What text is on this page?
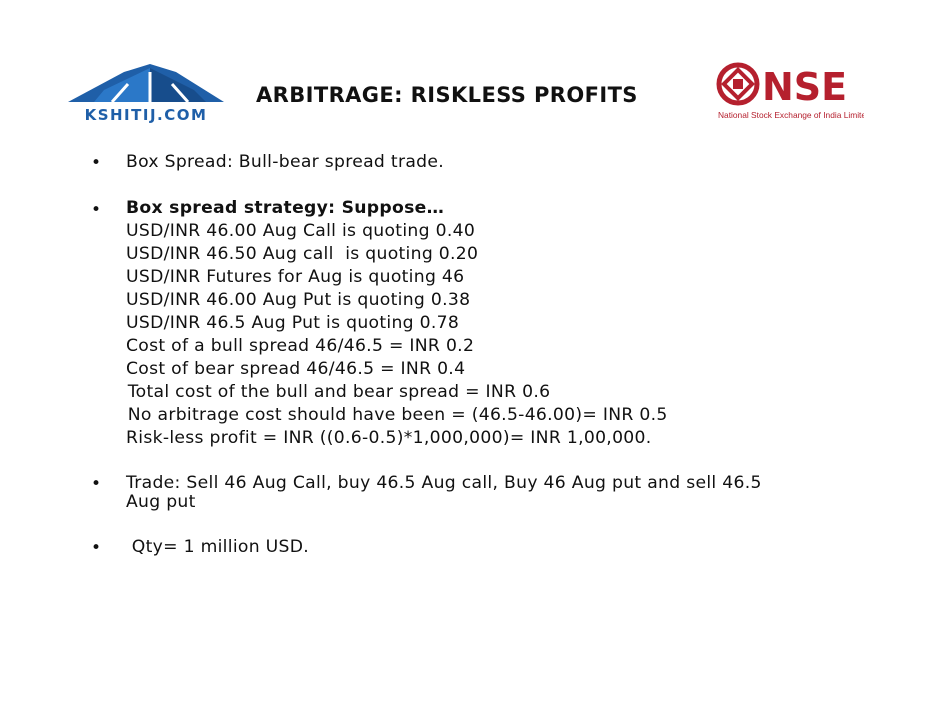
KSHITIJ.COM
ARBITRAGE: RISKLESS PROFITS	NSE
National Stock Exchange of India Limited
• Box Spread: Bull-bear spread trade.
• Box spread strategy: Suppose…
USD/INR 46.00 Aug Call is quoting 0.40
USD/INR 46.50 Aug call  is quoting 0.20
USD/INR Futures for Aug is quoting 46
USD/INR 46.00 Aug Put is quoting 0.38
USD/INR 46.5 Aug Put is quoting 0.78
Cost of a bull spread 46/46.5 = INR 0.2
Cost of bear spread 46/46.5 = INR 0.4
Total cost of the bull and bear spread = INR 0.6
No arbitrage cost should have been = (46.5-46.00)= INR 0.5
Risk-less profit = INR ((0.6-0.5)*1,000,000)= INR 1,00,000.
• Trade: Sell 46 Aug Call, buy 46.5 Aug call, Buy 46 Aug put and sell 46.5
Aug put
• Qty= 1 million USD.
